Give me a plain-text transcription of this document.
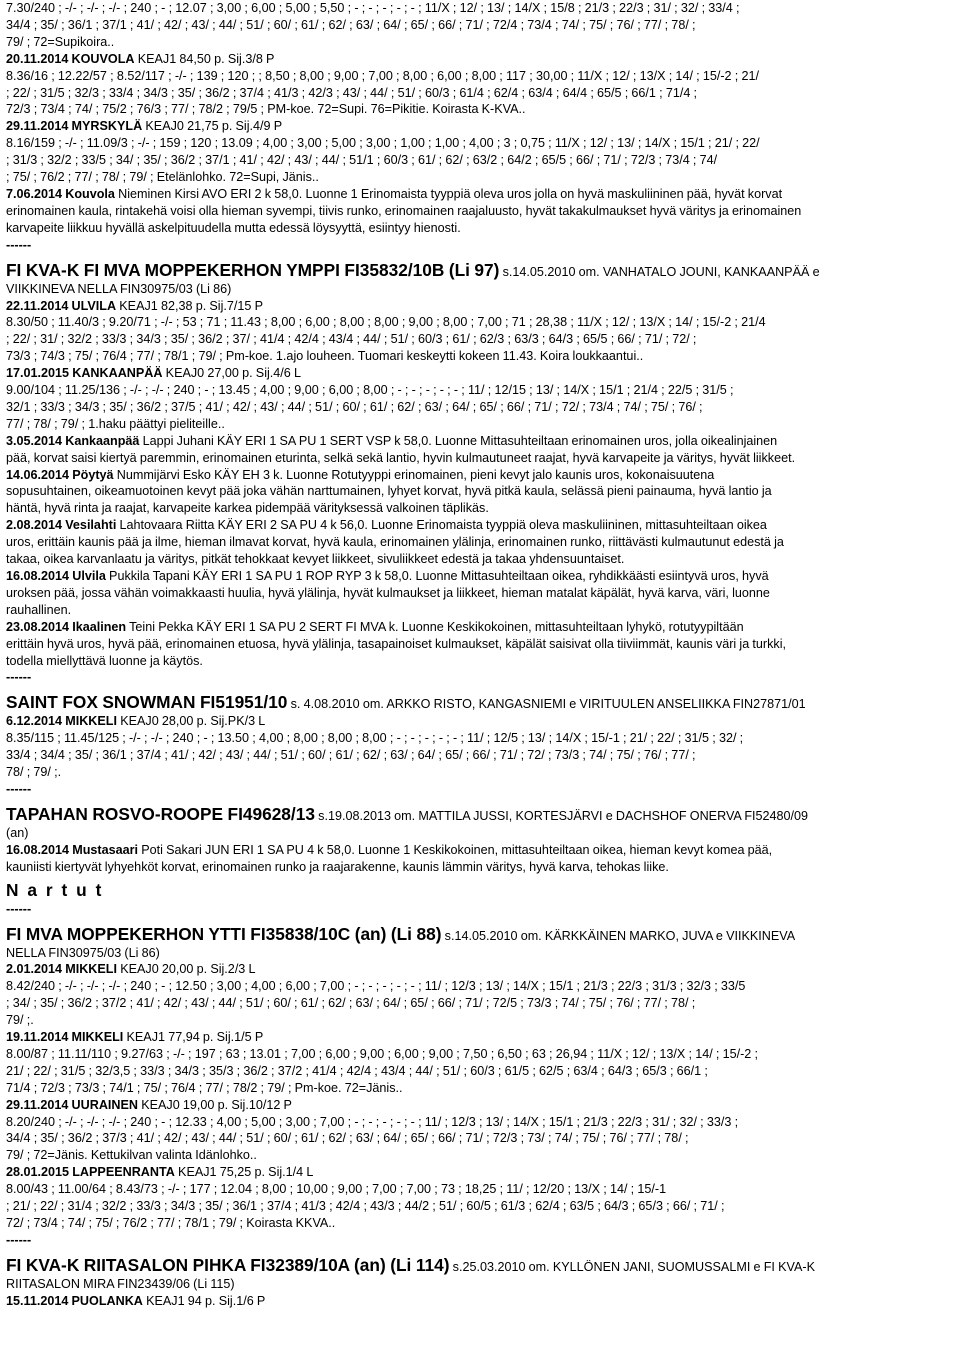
7.30/240 ; -/- ; -/- ; -/- ; 240 ; - ; 12.07 ; 3,00 ; 6,00 ; 5,00 ; 5,50 ; - ; - ; - ; - ; - ; 11/X ; 12/ ; 13/ ; 14/X ; 15/8 ; 21/3 ; 22/3 ; 31/ ; 32/ ; 33/4 ;

34/4 ; 35/ ; 36/1 ; 37/1 ; 41/ ; 42/ ; 43/ ; 44/ ; 51/ ; 60/ ; 61/ ; 62/ ; 63/ ; 64/ ; 65/ ; 66/ ; 71/ ; 72/4 ; 73/4 ; 74/ ; 75/ ; 76/ ; 77/ ; 78/ ;

79/ ; 72=Supikoira..

20.11.2014 KOUVOLA KEAJ1 84,50 p. Sij.3/8 P

8.36/16 ; 12.22/57 ; 8.52/117 ; -/- ; 139 ; 120 ; ; 8,50 ; 8,00 ; 9,00 ; 7,00 ; 8,00 ; 6,00 ; 8,00 ; 117 ; 30,00 ; 11/X ; 12/ ; 13/X ; 14/ ; 15/-2 ; 21/

; 22/ ; 31/5 ; 32/3 ; 33/4 ; 34/3 ; 35/ ; 36/2 ; 37/4 ; 41/3 ; 42/3 ; 43/ ; 44/ ; 51/ ; 60/3 ; 61/4 ; 62/4 ; 63/4 ; 64/4 ; 65/5 ; 66/1 ; 71/4 ;

72/3 ; 73/4 ; 74/ ; 75/2 ; 76/3 ; 77/ ; 78/2 ; 79/5 ; PM-koe. 72=Supi. 76=Pikitie. Koirasta K-KVA..

29.11.2014 MYRSKYLÄ KEAJ0 21,75 p. Sij.4/9 P

8.16/159 ; -/- ; 11.09/3 ; -/- ; 159 ; 120 ; 13.09 ; 4,00 ; 3,00 ; 5,00 ; 3,00 ; 1,00 ; 1,00 ; 4,00 ; 3 ; 0,75 ; 11/X ; 12/ ; 13/ ; 14/X ; 15/1 ; 21/ ; 22/

; 31/3 ; 32/2 ; 33/5 ; 34/ ; 35/ ; 36/2 ; 37/1 ; 41/ ; 42/ ; 43/ ; 44/ ; 51/1 ; 60/3 ; 61/ ; 62/ ; 63/2 ; 64/2 ; 65/5 ; 66/ ; 71/ ; 72/3 ; 73/4 ; 74/

; 75/ ; 76/2 ; 77/ ; 78/ ; 79/ ; Etelänlohko. 72=Supi, Jänis..

7.06.2014 Kouvola Nieminen Kirsi AVO ERI 2 k 58,0. Luonne 1 Erinomaista tyyppiä oleva uros jolla on hyvä maskuliininen pää, hyvät korvat

erinomainen kaula, rintakehä voisi olla hieman syvempi, tiivis runko, erinomainen raajaluusto, hyvät takakulmaukset hyvä väritys ja erinomainen

karvapeite liikkuu hyvällä askelpituudella mutta edessä löysyyttä, esiintyy hienosti.

------

FI KVA-K FI MVA MOPPEKERHON YMPPI FI35832/10B (Li 97) s.14.05.2010 om. VANHATALO JOUNI, KANKAANPÄÄ e

VIIKKINEVA NELLA FIN30975/03 (Li 86)

22.11.2014 ULVILA KEAJ1 82,38 p. Sij.7/15 P

8.30/50 ; 11.40/3 ; 9.20/71 ; -/- ; 53 ; 71 ; 11.43 ; 8,00 ; 6,00 ; 8,00 ; 8,00 ; 9,00 ; 8,00 ; 7,00 ; 71 ; 28,38 ; 11/X ; 12/ ; 13/X ; 14/ ; 15/-2 ; 21/4

; 22/ ; 31/ ; 32/2 ; 33/3 ; 34/3 ; 35/ ; 36/2 ; 37/ ; 41/4 ; 42/4 ; 43/4 ; 44/ ; 51/ ; 60/3 ; 61/ ; 62/3 ; 63/3 ; 64/3 ; 65/5 ; 66/ ; 71/ ; 72/ ;

73/3 ; 74/3 ; 75/ ; 76/4 ; 77/ ; 78/1 ; 79/ ; Pm-koe. 1.ajo louheen. Tuomari keskeytti kokeen 11.43. Koira loukkaantui..

17.01.2015 KANKAANPÄÄ KEAJ0 27,00 p. Sij.4/6 L

9.00/104 ; 11.25/136 ; -/- ; -/- ; 240 ; - ; 13.45 ; 4,00 ; 9,00 ; 6,00 ; 8,00 ; - ; - ; - ; - ; - ; 11/ ; 12/15 ; 13/ ; 14/X ; 15/1 ; 21/4 ; 22/5 ; 31/5 ;

32/1 ; 33/3 ; 34/3 ; 35/ ; 36/2 ; 37/5 ; 41/ ; 42/ ; 43/ ; 44/ ; 51/ ; 60/ ; 61/ ; 62/ ; 63/ ; 64/ ; 65/ ; 66/ ; 71/ ; 72/ ; 73/4 ; 74/ ; 75/ ; 76/ ;

77/ ; 78/ ; 79/ ; 1.haku päättyi pieliteille..

3.05.2014 Kankaanpää Lappi Juhani KÄY ERI 1 SA PU 1 SERT VSP k 58,0. Luonne Mittasuhteiltaan erinomainen uros, jolla oikealinjainen

pää, korvat saisi kiertyä paremmin, erinomainen eturinta, selkä sekä lantio, hyvin kulmautuneet raajat, hyvä karvapeite ja väritys, hyvät liikkeet.

14.06.2014 Pöytyä Nummijärvi Esko KÄY EH 3 k. Luonne Rotutyyppi erinomainen, pieni kevyt jalo kaunis uros, kokonaisuutena

sopusuhtainen, oikeamuotoinen kevyt pää joka vähän narttumainen, lyhyet korvat, hyvä pitkä kaula, selässä pieni painauma, hyvä lantio ja

häntä, hyvä rinta ja raajat, karvapeite karkea pidempää värityksessä valkoinen täplikäs.

2.08.2014 Vesilahti Lahtovaara Riitta KÄY ERI 2 SA PU 4 k 56,0. Luonne Erinomaista tyyppiä oleva maskuliininen, mittasuhteiltaan oikea

uros, erittäin kaunis pää ja ilme, hieman ilmavat korvat, hyvä kaula, erinomainen ylälinja, erinomainen runko, riittävästi kulmautunut edestä ja

takaa, oikea karvanlaatu ja väritys, pitkät tehokkaat kevyet liikkeet, sivuliikkeet edestä ja takaa yhdensuuntaiset.

16.08.2014 Ulvila Pukkila Tapani KÄY ERI 1 SA PU 1 ROP RYP 3 k 58,0. Luonne Mittasuhteiltaan oikea, ryhdikkäästi esiintyvä uros, hyvä

uroksen pää, jossa vähän voimakkaasti huulia, hyvä ylälinja, hyvät kulmaukset ja liikkeet, hieman matalat käpälät, hyvä karva, väri, luonne

rauhallinen.

23.08.2014 Ikaalinen Teini Pekka KÄY ERI 1 SA PU 2 SERT FI MVA k. Luonne Keskikokoinen, mittasuhteiltaan lyhykö, rotutyypiltään

erittäin hyvä uros, hyvä pää, erinomainen etuosa, hyvä ylälinja, tasapainoiset kulmaukset, käpälät saisivat olla tiiviimmät, kaunis väri ja turkki,

todella miellyttävä luonne ja käytös.

------

SAINT FOX SNOWMAN FI51951/10 s. 4.08.2010 om. ARKKO RISTO, KANGASNIEMI e VIRITUULEN ANSELIIKKA FIN27871/01

6.12.2014 MIKKELI KEAJ0 28,00 p. Sij.PK/3 L

8.35/115 ; 11.45/125 ; -/- ; -/- ; 240 ; - ; 13.50 ; 4,00 ; 8,00 ; 8,00 ; 8,00 ; - ; - ; - ; - ; - ; 11/ ; 12/5 ; 13/ ; 14/X ; 15/-1 ; 21/ ; 22/ ; 31/5 ; 32/ ;

33/4 ; 34/4 ; 35/ ; 36/1 ; 37/4 ; 41/ ; 42/ ; 43/ ; 44/ ; 51/ ; 60/ ; 61/ ; 62/ ; 63/ ; 64/ ; 65/ ; 66/ ; 71/ ; 72/ ; 73/3 ; 74/ ; 75/ ; 76/ ; 77/ ;

78/ ; 79/ ;.

------

TAPAHAN ROSVO-ROOPE FI49628/13 s.19.08.2013 om. MATTILA JUSSI, KORTESJÄRVI e DACHSHOF ONERVA FI52480/09

(an)

16.08.2014 Mustasaari Poti Sakari JUN ERI 1 SA PU 4 k 58,0. Luonne 1 Keskikokoinen, mittasuhteiltaan oikea, hieman kevyt komea pää,

kauniisti kiertyvät lyhyehköt korvat, erinomainen runko ja raajarakenne, kaunis lämmin väritys, hyvä karva, tehokas liike.

N a r t u t

------

FI MVA MOPPEKERHON YTTI FI35838/10C (an) (Li 88) s.14.05.2010 om. KÄRKKÄINEN MARKO, JUVA e VIIKKINEVA

NELLA FIN30975/03 (Li 86)

2.01.2014 MIKKELI KEAJ0 20,00 p. Sij.2/3 L

8.42/240 ; -/- ; -/- ; -/- ; 240 ; - ; 12.50 ; 3,00 ; 4,00 ; 6,00 ; 7,00 ; - ; - ; - ; - ; - ; 11/ ; 12/3 ; 13/ ; 14/X ; 15/1 ; 21/3 ; 22/3 ; 31/3 ; 32/3 ; 33/5

; 34/ ; 35/ ; 36/2 ; 37/2 ; 41/ ; 42/ ; 43/ ; 44/ ; 51/ ; 60/ ; 61/ ; 62/ ; 63/ ; 64/ ; 65/ ; 66/ ; 71/ ; 72/5 ; 73/3 ; 74/ ; 75/ ; 76/ ; 77/ ; 78/ ;

79/ ;.

19.11.2014 MIKKELI KEAJ1 77,94 p. Sij.1/5 P

8.00/87 ; 11.11/110 ; 9.27/63 ; -/- ; 197 ; 63 ; 13.01 ; 7,00 ; 6,00 ; 9,00 ; 6,00 ; 9,00 ; 7,50 ; 6,50 ; 63 ; 26,94 ; 11/X ; 12/ ; 13/X ; 14/ ; 15/-2 ;

21/ ; 22/ ; 31/5 ; 32/3,5 ; 33/3 ; 34/3 ; 35/3 ; 36/2 ; 37/2 ; 41/4 ; 42/4 ; 43/4 ; 44/ ; 51/ ; 60/3 ; 61/5 ; 62/5 ; 63/4 ; 64/3 ; 65/3 ; 66/1 ;

71/4 ; 72/3 ; 73/3 ; 74/1 ; 75/ ; 76/4 ; 77/ ; 78/2 ; 79/ ; Pm-koe. 72=Jänis..

29.11.2014 UURAINEN KEAJ0 19,00 p. Sij.10/12 P

8.20/240 ; -/- ; -/- ; -/- ; 240 ; - ; 12.33 ; 4,00 ; 5,00 ; 3,00 ; 7,00 ; - ; - ; - ; - ; - ; 11/ ; 12/3 ; 13/ ; 14/X ; 15/1 ; 21/3 ; 22/3 ; 31/ ; 32/ ; 33/3 ;

34/4 ; 35/ ; 36/2 ; 37/3 ; 41/ ; 42/ ; 43/ ; 44/ ; 51/ ; 60/ ; 61/ ; 62/ ; 63/ ; 64/ ; 65/ ; 66/ ; 71/ ; 72/3 ; 73/ ; 74/ ; 75/ ; 76/ ; 77/ ; 78/ ;

79/ ; 72=Jänis. Kettukilvan valinta Idänlohko..

28.01.2015 LAPPEENRANTA KEAJ1 75,25 p. Sij.1/4 L

8.00/43 ; 11.00/64 ; 8.43/73 ; -/- ; 177 ; 12.04 ; 8,00 ; 10,00 ; 9,00 ; 7,00 ; 7,00 ; 73 ; 18,25 ; 11/ ; 12/20 ; 13/X ; 14/ ; 15/-1

; 21/ ; 22/ ; 31/4 ; 32/2 ; 33/3 ; 34/3 ; 35/ ; 36/1 ; 37/4 ; 41/3 ; 42/4 ; 43/3 ; 44/2 ; 51/ ; 60/5 ; 61/3 ; 62/4 ; 63/5 ; 64/3 ; 65/3 ; 66/ ; 71/ ;

72/ ; 73/4 ; 74/ ; 75/ ; 76/2 ; 77/ ; 78/1 ; 79/ ; Koirasta KKVA..

------

FI KVA-K RIITASALON PIHKA FI32389/10A (an) (Li 114) s.25.03.2010 om. KYLLÖNEN JANI, SUOMUSSALMI e FI KVA-K

RIITASALON MIRA FIN23439/06 (Li 115)

15.11.2014 PUOLANKA KEAJ1 94 p. Sij.1/6 P
